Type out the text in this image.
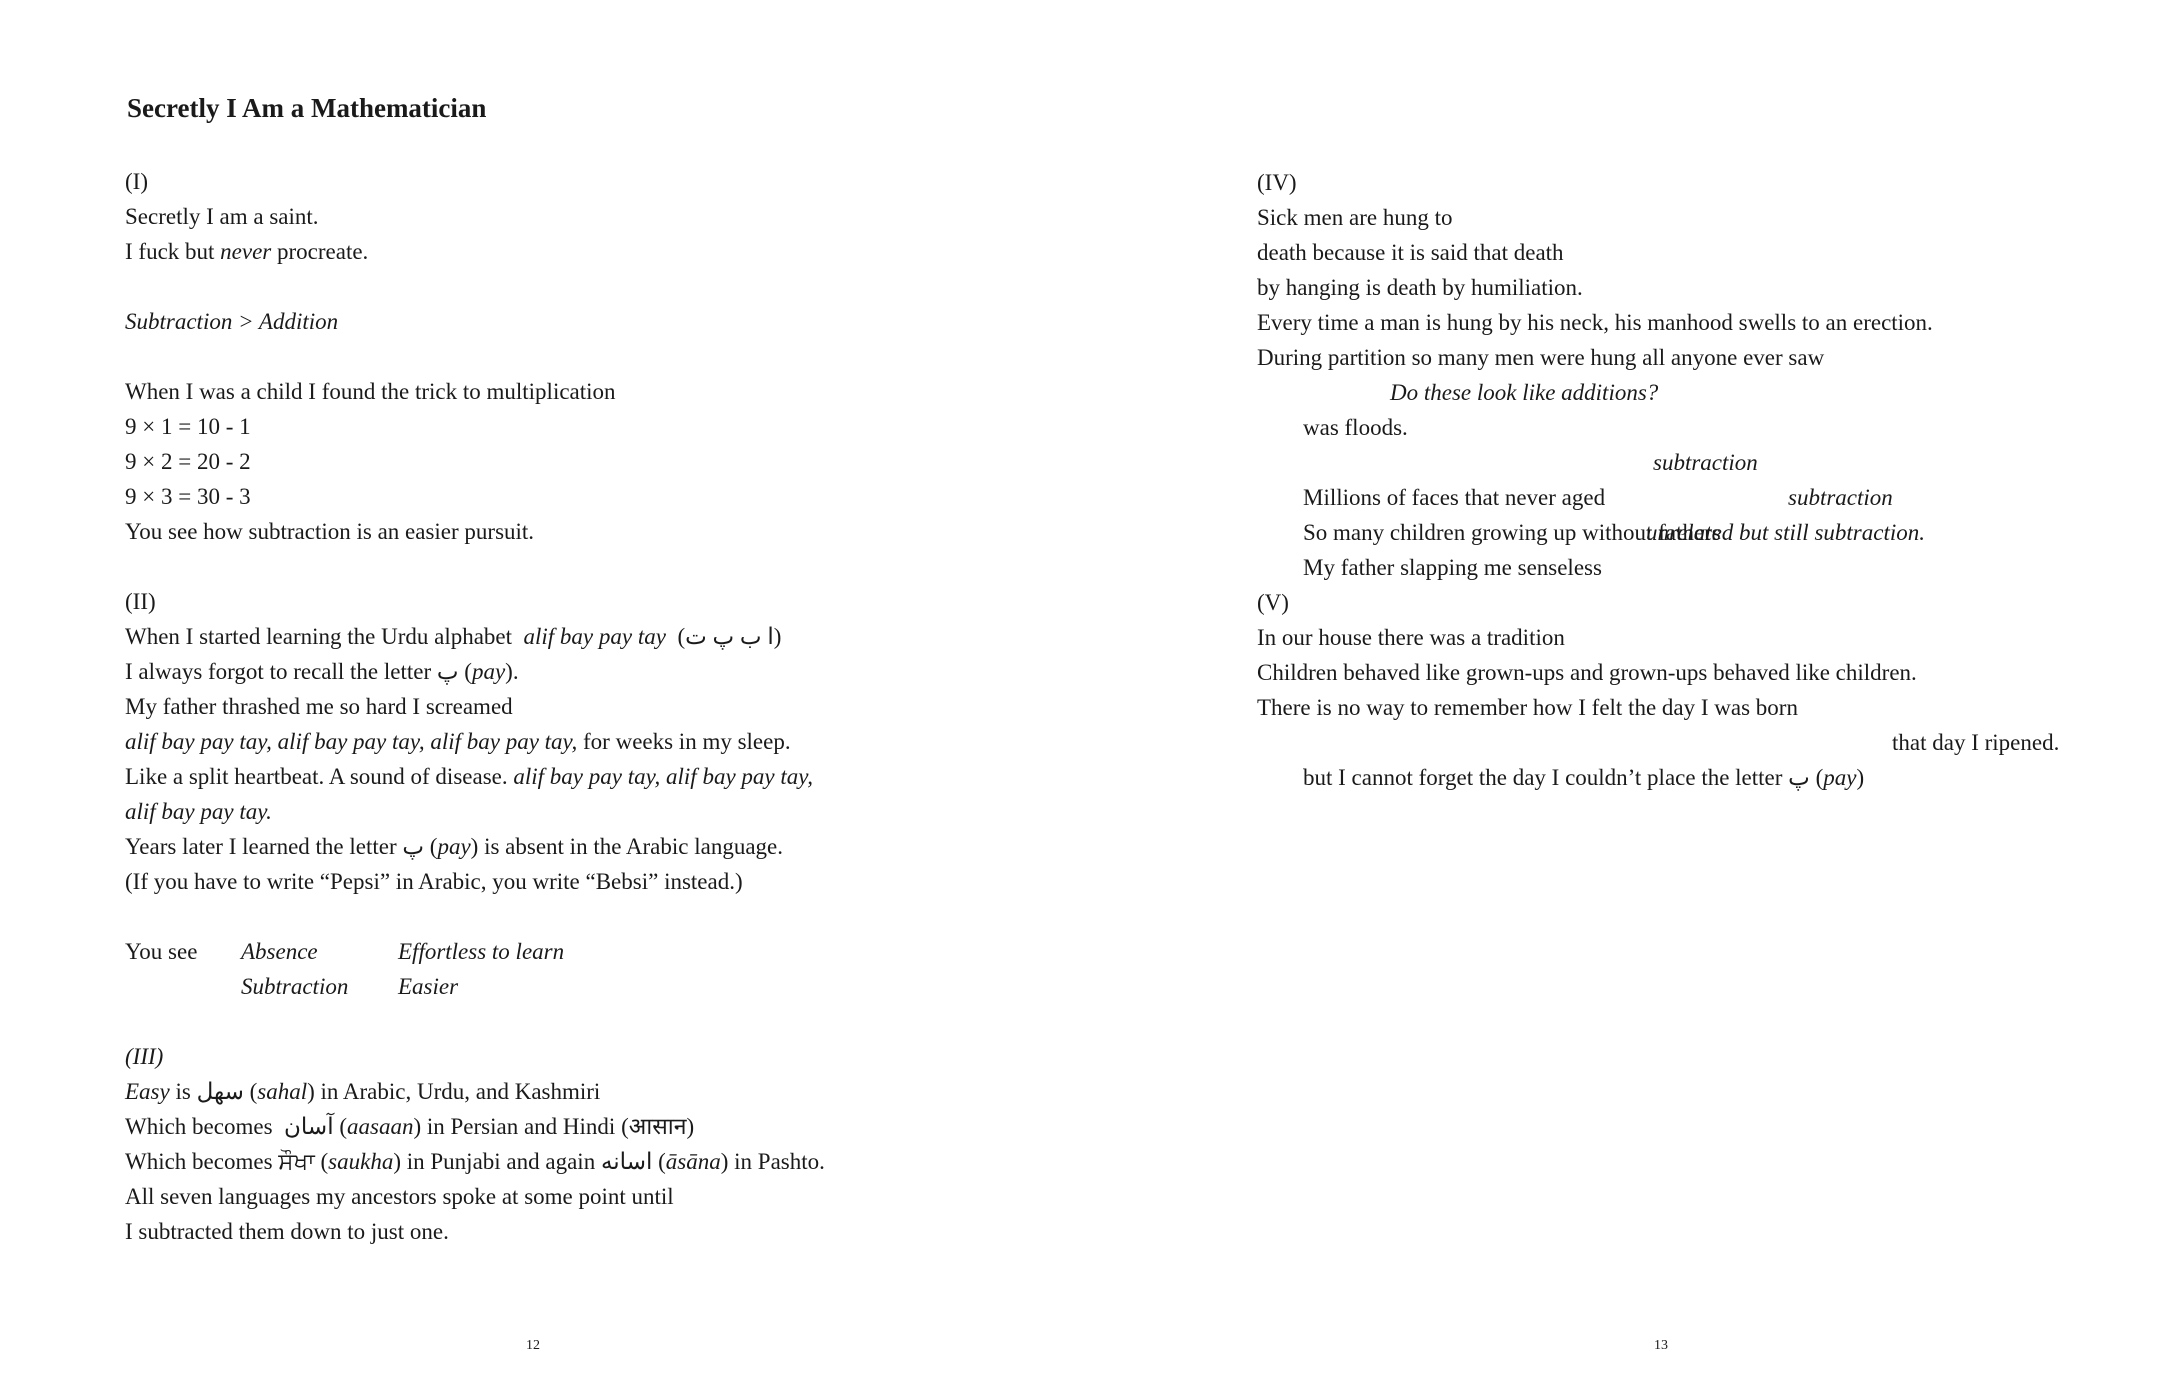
Secretly I Am a Mathematician
(I)
Secretly I am a saint.
I fuck but never procreate.
Subtraction > Addition
When I was a child I found the trick to multiplication
9 × 1 = 10 - 1
9 × 2 = 20 - 2
9 × 3 = 30 - 3
You see how subtraction is an easier pursuit.
(II)
When I started learning the Urdu alphabet  alif bay pay tay  (ا ب پ ت)
I always forgot to recall the letter پ (pay).
My father thrashed me so hard I screamed
alif bay pay tay, alif bay pay tay, alif bay pay tay, for weeks in my sleep.
Like a split heartbeat. A sound of disease. alif bay pay tay, alif bay pay tay,
alif bay pay tay.
Years later I learned the letter پ (pay) is absent in the Arabic language.
(If you have to write “Pepsi” in Arabic, you write “Bebsi” instead.)

You see

Absence

	Effortless to learn

Subtraction

Easier

(III)
Easy is سهل (sahal) in Arabic, Urdu, and Kashmiri
Which becomes  آسان (aasaan) in Persian and Hindi (आसान)
Which becomes ਸੌਖਾ (saukha) in Punjabi and again اسانه (āsāna) in Pashto.
All seven languages my ancestors spoke at some point until
I subtracted them down to just one.
12
(IV)
Sick men are hung to
death because it is said that death
by hanging is death by humiliation.
Every time a man is hung by his neck, his manhood swells to an erection.
During partition so many men were hung all anyone ever saw

was floods.

Do these look like additions?

Millions of faces that never aged

subtraction

So many children growing up without fathers

subtraction

My father slapping me senseless

unrelated but still subtraction.

(V)
In our house there was a tradition
Children behaved like grown-ups and grown-ups behaved like children.
There is no way to remember how I felt the day I was born

but I cannot forget the day I couldn’t place the letter پ (pay)

that day I ripened.

13
